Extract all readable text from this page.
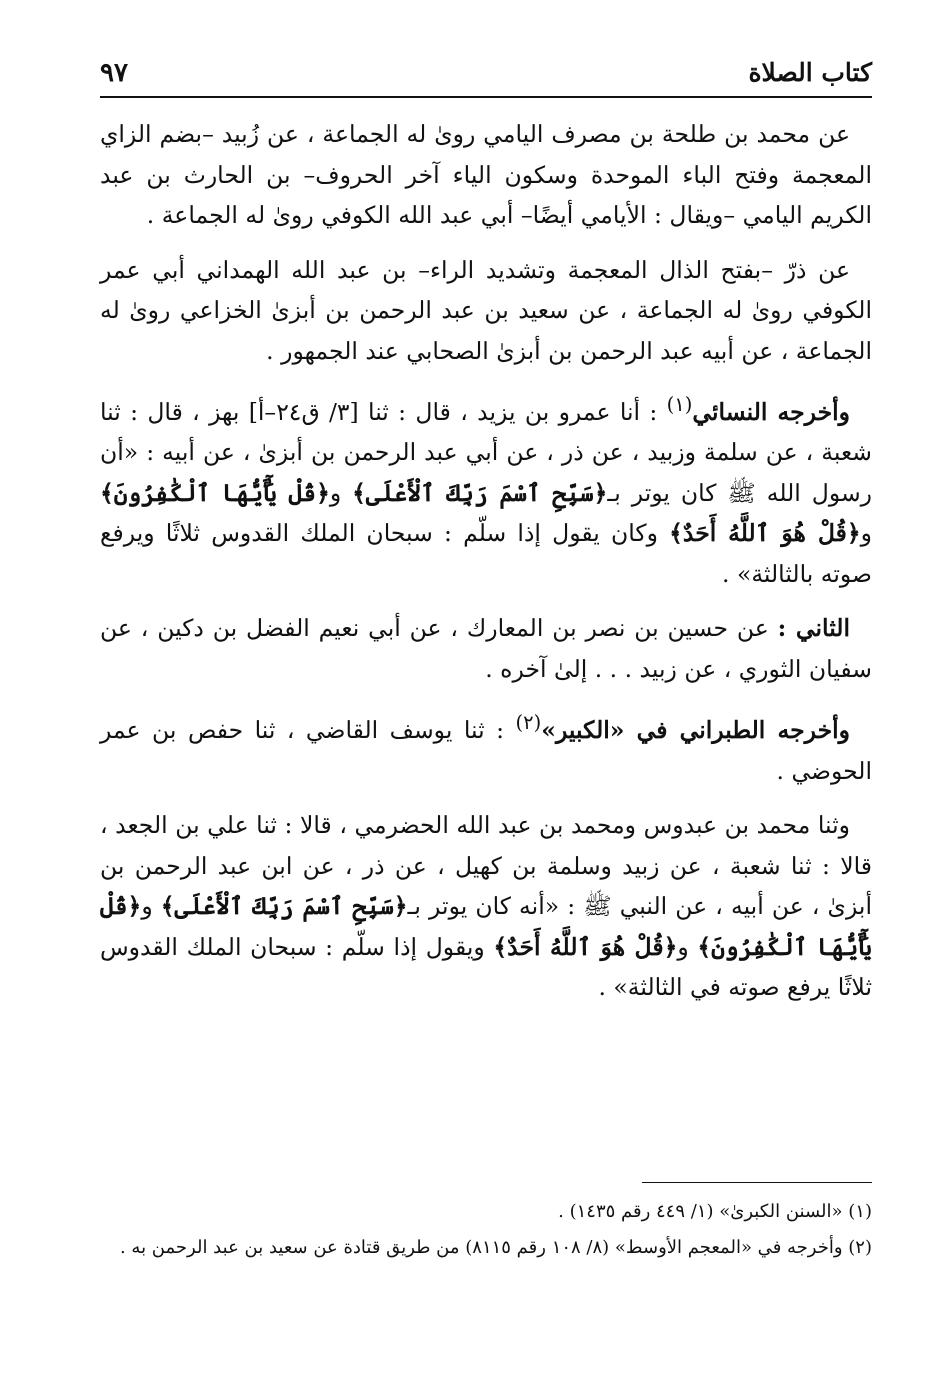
كتاب الصلاة
٩٧

عن محمد بن طلحة بن مصرف اليامي روىٰ له الجماعة ، عن زُبيد –بضم الزاي المعجمة وفتح الباء الموحدة وسكون الياء آخر الحروف– بن الحارث بن عبد الكريم اليامي –ويقال : الأيامي أيضًا– أبي عبد الله الكوفي روىٰ له الجماعة .

عن ذرّ –بفتح الذال المعجمة وتشديد الراء– بن عبد الله الهمداني أبي عمر الكوفي روىٰ له الجماعة ، عن سعيد بن عبد الرحمن بن أبزىٰ الخزاعي روىٰ له الجماعة ، عن أبيه عبد الرحمن بن أبزىٰ الصحابي عند الجمهور .

وأخرجه النسائي$^{(١)}$ : أنا عمرو بن يزيد ، قال : ثنا [٣/ ق٢٤–أ] بهز ، قال : ثنا شعبة ، عن سلمة وزبيد ، عن ذر ، عن أبي عبد الرحمن بن أبزىٰ ، عن أبيه : «أن رسول الله ﷺ كان يوتر بـ﴿سَبِّحِ ٱسْمَ رَبِّكَ ٱلْأَعْلَى﴾ و﴿قُلْ يَٰٓأَيُّهَا ٱلْكَٰفِرُونَ﴾ و﴿قُلْ هُوَ ٱللَّهُ أَحَدٌ﴾ وكان يقول إذا سلّم : سبحان الملك القدوس ثلاثًا ويرفع صوته بالثالثة» .

الثاني : عن حسين بن نصر بن المعارك ، عن أبي نعيم الفضل بن دكين ، عن سفيان الثوري ، عن زبيد . . . إلىٰ آخره .

وأخرجه الطبراني في «الكبير»$^{(٢)}$ : ثنا يوسف القاضي ، ثنا حفص بن عمر الحوضي .

وثنا محمد بن عبدوس ومحمد بن عبد الله الحضرمي ، قالا : ثنا علي بن الجعد ، قالا : ثنا شعبة ، عن زبيد وسلمة بن كهيل ، عن ذر ، عن ابن عبد الرحمن بن أبزىٰ ، عن أبيه ، عن النبي ﷺ : «أنه كان يوتر بـ﴿سَبِّحِ ٱسْمَ رَبِّكَ ٱلْأَعْلَى﴾ و﴿قُلْ يَٰٓأَيُّهَا ٱلْكَٰفِرُونَ﴾ و﴿قُلْ هُوَ ٱللَّهُ أَحَدٌ﴾ ويقول إذا سلّم : سبحان الملك القدوس ثلاثًا يرفع صوته في الثالثة» .

(١) «السنن الكبرىٰ» (١/ ٤٤٩ رقم ١٤٣٥) .

(٢) وأخرجه في «المعجم الأوسط» (٨/ ١٠٨ رقم ٨١١٥) من طريق قتادة عن سعيد بن عبد الرحمن به .
